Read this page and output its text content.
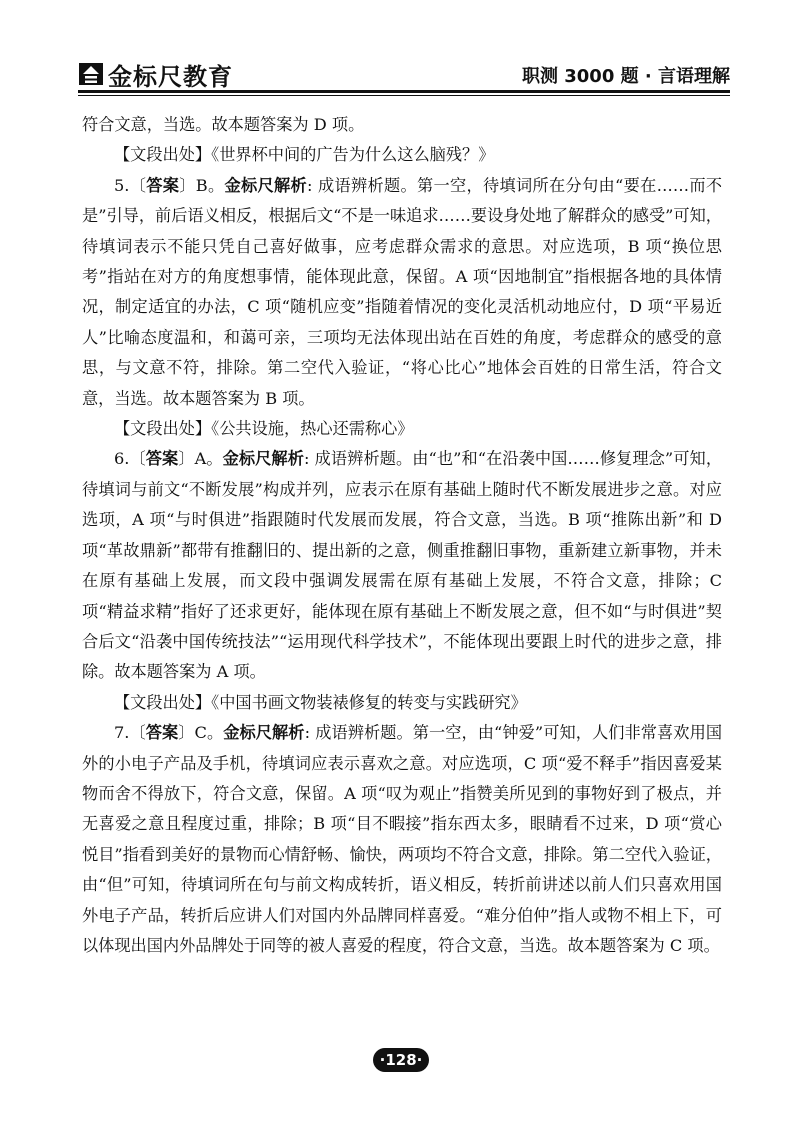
金标尺教育	职测 3000 题 · 言语理解

符合文意，当选。故本题答案为 D 项。

【文段出处】《世界杯中间的广告为什么这么脑残？》

5.〔答案〕B。金标尺解析: 成语辨析题。第一空，待填词所在分句由“要在……而不是”引导，前后语义相反，根据后文“不是一味追求……要设身处地了解群众的感受”可知，待填词表示不能只凭自己喜好做事，应考虑群众需求的意思。对应选项，B 项“换位思考”指站在对方的角度想事情，能体现此意，保留。A 项“因地制宜”指根据各地的具体情况，制定适宜的办法，C 项“随机应变”指随着情况的变化灵活机动地应付，D 项“平易近人”比喻态度温和，和蔼可亲，三项均无法体现出站在百姓的角度，考虑群众的感受的意思，与文意不符，排除。第二空代入验证，“将心比心”地体会百姓的日常生活，符合文意，当选。故本题答案为 B 项。

【文段出处】《公共设施，热心还需称心》

6.〔答案〕A。金标尺解析: 成语辨析题。由“也”和“在沿袭中国……修复理念”可知，待填词与前文“不断发展”构成并列，应表示在原有基础上随时代不断发展进步之意。对应选项，A 项“与时俱进”指跟随时代发展而发展，符合文意，当选。B 项“推陈出新”和 D 项“革故鼎新”都带有推翻旧的、提出新的之意，侧重推翻旧事物，重新建立新事物，并未在原有基础上发展，而文段中强调发展需在原有基础上发展，不符合文意，排除；C 项“精益求精”指好了还求更好，能体现在原有基础上不断发展之意，但不如“与时俱进”契合后文“沿袭中国传统技法”“运用现代科学技术”，不能体现出要跟上时代的进步之意，排除。故本题答案为 A 项。

【文段出处】《中国书画文物装裱修复的转变与实践研究》

7.〔答案〕C。金标尺解析: 成语辨析题。第一空，由“钟爱”可知，人们非常喜欢用国外的小电子产品及手机，待填词应表示喜欢之意。对应选项，C 项“爱不释手”指因喜爱某物而舍不得放下，符合文意，保留。A 项“叹为观止”指赞美所见到的事物好到了极点，并无喜爱之意且程度过重，排除；B 项“目不暇接”指东西太多，眼睛看不过来，D 项“赏心悦目”指看到美好的景物而心情舒畅、愉快，两项均不符合文意，排除。第二空代入验证，由“但”可知，待填词所在句与前文构成转折，语义相反，转折前讲述以前人们只喜欢用国外电子产品，转折后应讲人们对国内外品牌同样喜爱。“难分伯仲”指人或物不相上下，可以体现出国内外品牌处于同等的被人喜爱的程度，符合文意，当选。故本题答案为 C 项。

·128·
